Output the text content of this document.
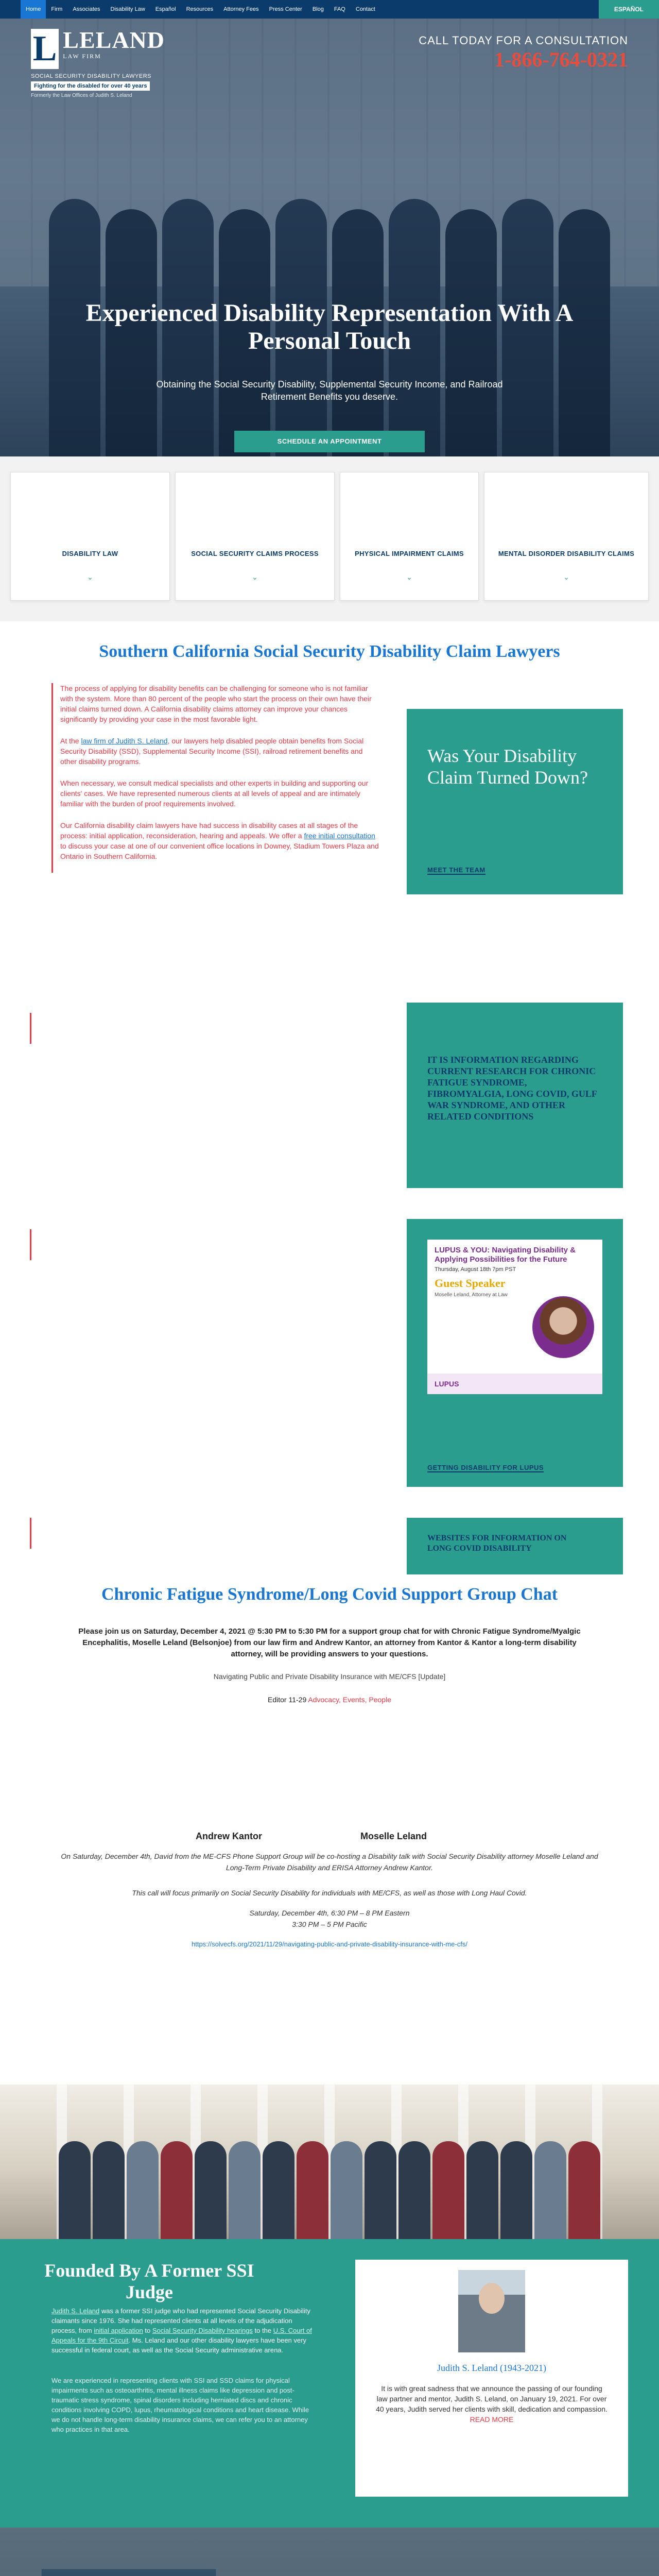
Home	Firm	Associates	Disability Law	Español	Resources	Attorney Fees	Press Center	Blog	FAQ	Contact	ESPAÑOL
L LELAND
LAW FIRM
SOCIAL SECURITY DISABILITY LAWYERS
Fighting for the disabled for over 40 years
Formerly the Law Offices of Judith S. Leland
CALL TODAY FOR A CONSULTATION
1-866-764-0321
Experienced Disability Representation With A Personal Touch
Obtaining the Social Security Disability, Supplemental Security Income, and Railroad Retirement Benefits you deserve.
SCHEDULE AN APPOINTMENT
DISABILITY LAW
⌄
SOCIAL SECURITY CLAIMS PROCESS
⌄
PHYSICAL IMPAIRMENT CLAIMS
⌄
MENTAL DISORDER DISABILITY CLAIMS
⌄
Southern California Social Security Disability Claim Lawyers

The process of applying for disability benefits can be challenging for someone who is not familiar with the system. More than 80 percent of the people who start the process on their own have their initial claims turned down. A California disability claims attorney can improve your chances significantly by providing your case in the most favorable light.

At the law firm of Judith S. Leland, our lawyers help disabled people obtain benefits from Social Security Disability (SSD), Supplemental Security Income (SSI), railroad retirement benefits and other disability programs.

When necessary, we consult medical specialists and other experts in building and supporting our clients' cases. We have represented numerous clients at all levels of appeal and are intimately familiar with the burden of proof requirements involved.

Our California disability claim lawyers have had success in disability cases at all stages of the process: initial application, reconsideration, hearing and appeals. We offer a free initial consultation to discuss your case at one of our convenient office locations in Downey, Stadium Towers Plaza and Ontario in Southern California.

Was Your Disability Claim Turned Down?
MEET THE TEAM
IT IS INFORMATION REGARDING CURRENT RESEARCH FOR CHRONIC FATIGUE SYNDROME, FIBROMYALGIA, LONG COVID, GULF WAR SYNDROME, AND OTHER RELATED CONDITIONS
LUPUS & YOU: Navigating Disability & Applying Possibilities for the Future
Thursday, August 18th 7pm PST
Guest Speaker
Moselle Leland, Attorney at Law
LUPUS
GETTING DISABILITY FOR LUPUS
WEBSITES FOR INFORMATION ON LONG COVID DISABILITY
Chronic Fatigue Syndrome/Long Covid Support Group Chat
Please join us on Saturday, December 4, 2021 @ 5:30 PM to 5:30 PM for a support group chat for with Chronic Fatigue Syndrome/Myalgic Encephalitis, Moselle Leland (Belsonjoe) from our law firm and Andrew Kantor, an attorney from Kantor & Kantor a long-term disability attorney, will be providing answers to your questions.
Navigating Public and Private Disability Insurance with ME/CFS [Update]
Editor 11-29 Advocacy, Events, People
Andrew Kantor	Moselle Leland
On Saturday, December 4th, David from the ME-CFS Phone Support Group will be co-hosting a Disability talk with Social Security Disability attorney Moselle Leland and Long-Term Private Disability and ERISA Attorney Andrew Kantor.
This call will focus primarily on Social Security Disability for individuals with ME/CFS, as well as those with Long Haul Covid.
Saturday, December 4th, 6:30 PM – 8 PM Eastern
3:30 PM – 5 PM Pacific
https://solvecfs.org/2021/11/29/navigating-public-and-private-disability-insurance-with-me-cfs/
Founded By A Former SSI Judge
Judith S. Leland was a former SSI judge who had represented Social Security Disability claimants since 1976. She had represented clients at all levels of the adjudication process, from initial application to Social Security Disability hearings to the U.S. Court of Appeals for the 9th Circuit. Ms. Leland and our other disability lawyers have been very successful in federal court, as well as the Social Security administrative arena.
We are experienced in representing clients with SSI and SSD claims for physical impairments such as osteoarthritis, mental illness claims like depression and post-traumatic stress syndrome, spinal disorders including herniated discs and chronic conditions involving COPD, lupus, rheumatological conditions and heart disease. While we do not handle long-term disability insurance claims, we can refer you to an attorney who practices in that area.
Judith S. Leland (1943-2021)
It is with great sadness that we announce the passing of our founding law partner and mentor, Judith S. Leland, on January 19, 2021. For over 40 years, Judith served her clients with skill, dedication and compassion. READ MORE
